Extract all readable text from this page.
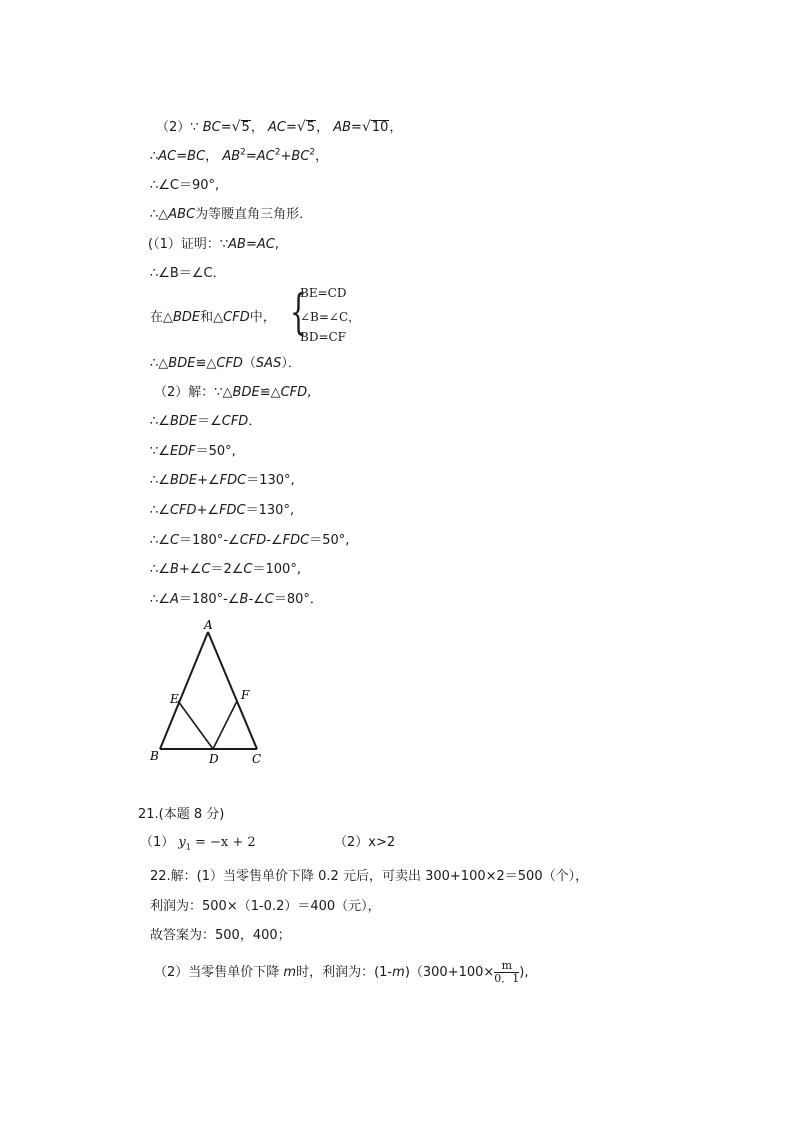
（2）∵ BC=√5， AC=√5， AB=√10，
∴AC=BC， $AB^2=AC^2+BC^2$，
∴∠C＝90°,
∴△ABC为等腰直角三角形．
(（1）证明：∵AB=AC,
∴∠B＝∠C．
在△BDE和△CFD中， {
BE=CD
∠B=∠C，
BD=CF
∴△BDE≌△CFD（SAS）．
（2）解：∵△BDE≌△CFD,
∴∠BDE＝∠CFD．
∵∠EDF＝50°,
∴∠BDE+∠FDC＝130°,
∴∠CFD+∠FDC＝130°,
∴∠C＝180°-∠CFD-∠FDC＝50°,
∴∠B+∠C＝2∠C＝100°,
∴∠A＝180°-∠B-∠C＝80°．
A
E	F
B	D	C
21.(本题 8 分)
（1） $y_1 = -x + 2$	（2）x>2
22.解：(1）当零售单价下降 0.2 元后，可卖出 300+100×2＝500（个），
利润为：500×（1-0.2）＝400（元），
故答案为：500，400；
（2）当零售单价下降 m时，利润为：$(1-m)(300+100\times \frac{m}{0.1}$ ),
